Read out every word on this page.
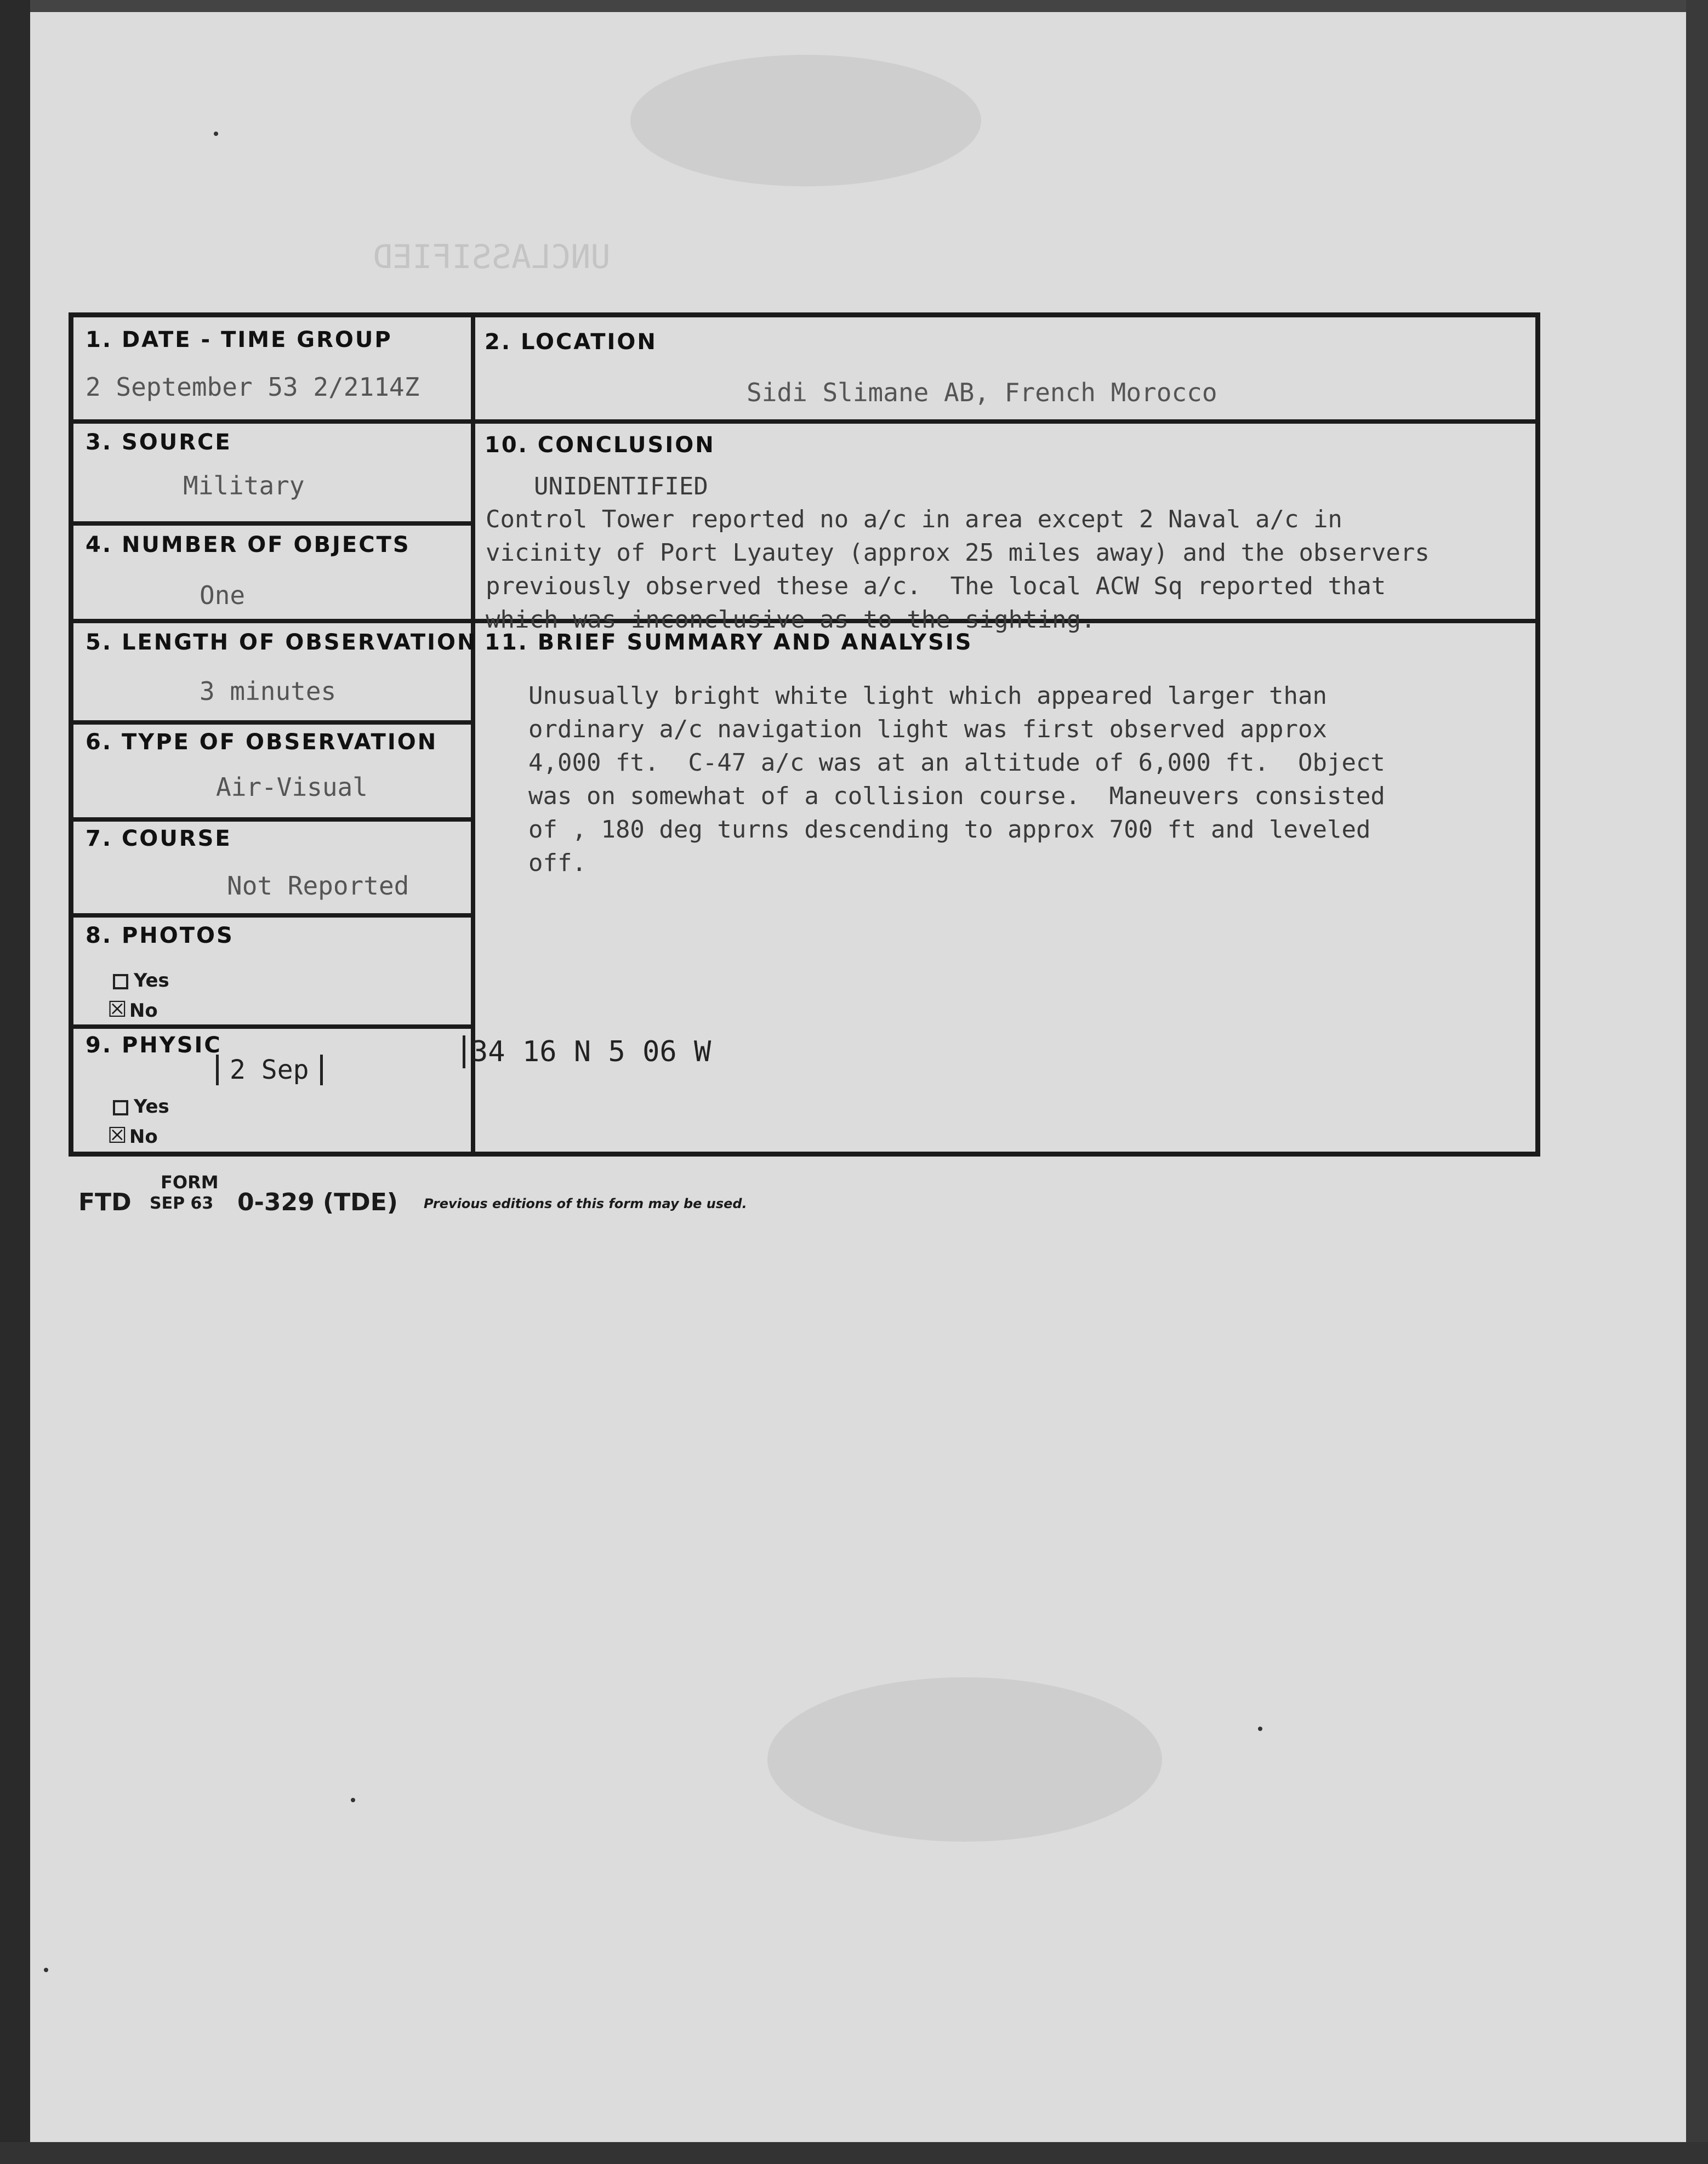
UNCLASSIFIED
1. DATE - TIME GROUP
2 September 53 2/2114Z
2. LOCATION
Sidi Slimane AB, French Morocco
3. SOURCE
Military
4. NUMBER OF OBJECTS
One
5. LENGTH OF OBSERVATION
3 minutes
6. TYPE OF OBSERVATION
Air-Visual
7. COURSE
Not Reported
8. PHOTOS
Yes
☒ No
9. PHYSIC
2 Sep
Yes
☒ No
34 16 N 5 06 W
10. CONCLUSION
UNIDENTIFIED
Control Tower reported no a/c in area except 2 Naval a/c in
vicinity of Port Lyautey (approx 25 miles away) and the observers
previously observed these a/c.  The local ACW Sq reported that
11. BRIEF SUMMARY AND ANALYSIS
Unusually bright white light which appeared larger than
ordinary a/c navigation light was first observed approx
4,000 ft.  C-47 a/c was at an altitude of 6,000 ft.  Object
was on somewhat of a collision course.  Maneuvers consisted
of , 180 deg turns descending to approx 700 ft and leveled
off.
FORM
FTD SEP 63 0-329 (TDE) Previous editions of this form may be used.
